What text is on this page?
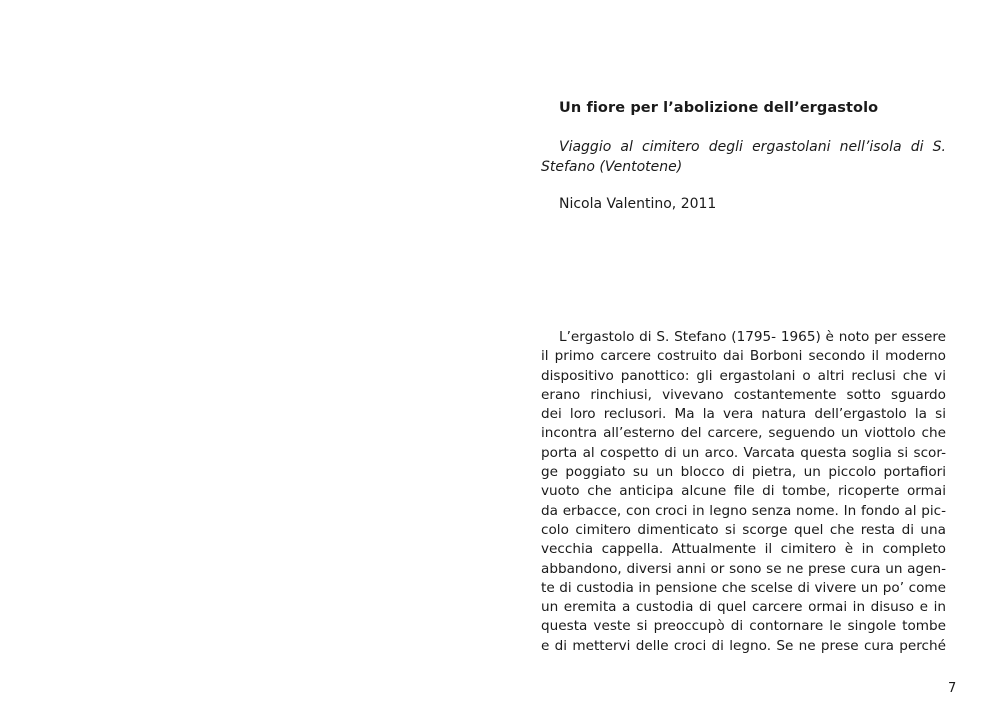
Un fiore per l’abolizione dell’ergastolo
Viaggio al cimitero degli ergastolani nell’isola di S. Stefano (Ventotene)
Nicola Valentino, 2011
L’ergastolo di S. Stefano (1795- 1965) è noto per essere
il primo carcere costruito dai Borboni secondo il moderno
dispositivo panottico: gli ergastolani o altri reclusi che vi
erano rinchiusi, vivevano costantemente sotto sguardo
dei loro reclusori. Ma la vera natura dell’ergastolo la si
incontra all’esterno del carcere, seguendo un viottolo che
porta al cospetto di un arco. Varcata questa soglia si scor-
ge poggiato su un blocco di pietra, un piccolo portafiori
vuoto che anticipa alcune file di tombe, ricoperte ormai
da erbacce, con croci in legno senza nome. In fondo al pic-
colo cimitero dimenticato si scorge quel che resta di una
vecchia cappella. Attualmente il cimitero è in completo
abbandono, diversi anni or sono se ne prese cura un agen-
te di custodia in pensione che scelse di vivere un po’ come
un eremita a custodia di quel carcere ormai in disuso e in
questa veste si preoccupò di contornare le singole tombe
e di mettervi delle croci di legno. Se ne prese cura perché
7
